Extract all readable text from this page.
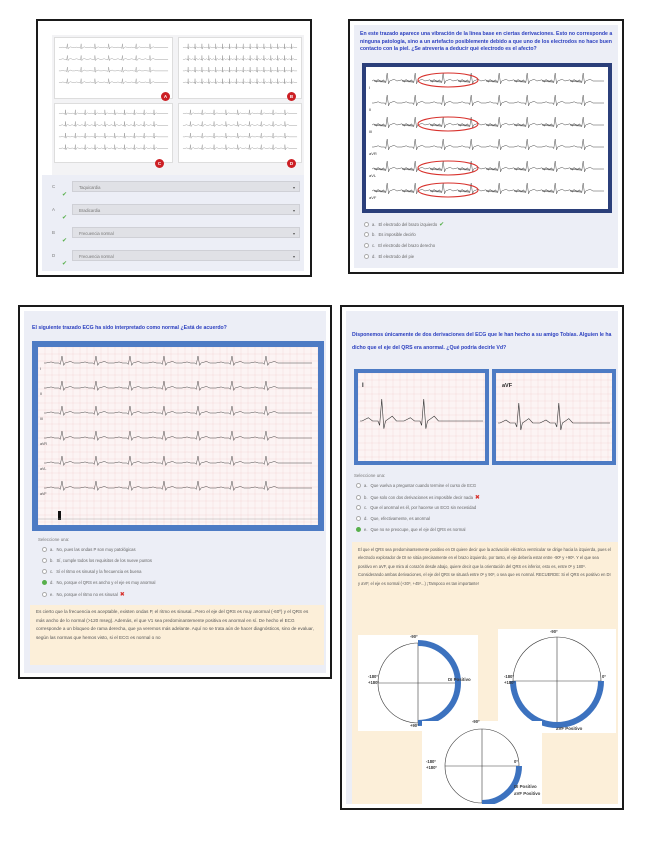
A	B
C	D
C	Taquicardia	▾
✔
A	Bradicardia	▾
✔
B	Frecuencia normal	▾
✔
D	Frecuencia normal	▾
✔
En este trazado aparece una vibración de la línea base en ciertas derivaciones. Esto no corresponde a ninguna patología, sino a un artefacto posiblemente debido a que uno de los electrodos no hace buen contacto con la piel. ¿Se atrevería a deducir qué electrodo es el afecto?
I
II
III
aVR
aVL
aVF
a. El electrodo del brazo izquierdo ✔
b. Es imposible decirlo
c. El electrodo del brazo derecho
d. El electrodo del pie
El siguiente trazado ECG ha sido interpretado como normal ¿Está de acuerdo?
I
II
III
aVR
aVL
aVF
Seleccione una:
a. No, pues las ondas P son muy patológicas
b. Sí, cumple todos los requisitos de los nueve puntos
c. Sí el ritmo es sinusal y la frecuencia es buena
d. No, porque el QRS es ancho y el eje es muy anormal
e. No, porque el ritmo no es sinusal ✖
Es cierto que la frecuencia es aceptable, existen ondas P, el ritmo es sinusal...Pero el eje del QRS es muy anormal (-60º) y el QRS es más ancho de lo normal (>120 mseg). Además, el que V1 sea predominantemente positiva es anormal en sí. De hecho el ECG corresponde a un bloqueo de rama derecha, que ya veremos más adelante. Aquí no se trata aún de hacer diagnósticos, sino de evaluar, según las normas que hemos visto, si el ECG es normal o no
Disponemos únicamente de dos derivaciones del ECG que le han hecho a su amigo Tobías. Alguien le ha dicho que el eje del QRS era anormal. ¿Qué podría decirle Vd?
I	aVF
Seleccione una:
a. Que vuelva a preguntar cuando termine el curso de ECG
b. Que solo con dos derivaciones es imposible decir nada ✖
c. Que el anormal es él, por hacerse un ECG sin necesidad
d. Que, efectivamente, es anormal
e. Que no se preocupe, que el eje del QRS es normal
El que el QRS sea predominantemente positivo en DI quiere decir que la activación eléctrica ventricular se dirige hacia la izquierda, pues el electrodo explorador de DI se sitúa precisamente en el brazo izquierdo, por tanto, el eje debería estar entre -90º y +90º. Y el que sea positivo en aVF, que mira al corazón desde abajo, quiere decir que la orientación del QRS es inferior, esto es, entre 0º y 180º. Considerando ambas derivaciones, el eje del QRS se situará entre 0º y 90º, o sea que es normal. RECUERDE: Si el QRS es positivo en DI y aVF, el eje es normal (+30º, +45º...) ¡Tampoco es tan importante!
-90º
-180º
+180º
DI Positivo
+90º
-90º
-180º
+180º
0º
aVF Positivo
-90º
-180º
+180º
0º
DI Positivo
aVF Positivo
